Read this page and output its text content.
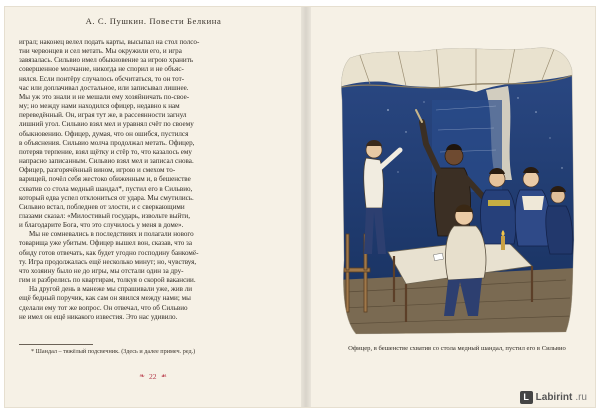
А. С. Пушкин. Повести Белкина
играл; наконец велел подать карты, высыпал на стол полсо-
тни червонцев и сел метать. Мы окружили его, и игра
завязалась. Сильвио имел обыкновение за игрою хранить
совершенное молчание, никогда не спорил и не объяс-
нялся. Если понтёру случалось обсчитаться, то он тот-
час или доплачивал достальное, или записывал лишнее.
Мы уж это знали и не мешали ему хозяйничать по-свое-
му; но между нами находился офицер, недавно к нам
переведённый. Он, играя тут же, в рассеянности загнул
лишний угол. Сильвио взял мел и уравнял счёт по своему
обыкновению. Офицер, думая, что он ошибся, пустился
в объяснения. Сильвио молча продолжал метать. Офицер,
потеряв терпение, взял щётку и стёр то, что казалось ему
напрасно записанным. Сильвио взял мел и записал снова.
Офицер, разгорячённый вином, игрою и смехом то-
варищей, почёл себя жестоко обиженным и, в бешенстве
схватив со стола медный шандал*, пустил его в Сильвио,
который едва успел отклониться от удара. Мы смутились.
Сильвио встал, побледнев от злости, и с сверкающими
глазами сказал: «Милостивый государь, извольте выйти,
и благодарите Бога, что это случилось у меня в доме».
Мы не сомневались в последствиях и полагали нового
товарища уже убитым. Офицер вышел вон, сказав, что за
обиду готов отвечать, как будет угодно господину банкомё-
ту. Игра продолжалась ещё несколько минут; но, чувствуя,
что хозяину было не до игры, мы отстали один за дру-
гим и разбрелись по квартирам, толкуя о скорой вакансии.
На другой день в манеже мы спрашивали уже, жив ли
ещё бедный поручик, как сам он явился между нами; мы
сделали ему тот же вопрос. Он отвечал, что об Сильвио
не имел он ещё никакого известия. Это нас удивило.
* Шандал – тяжёлый подсвечник. (Здесь и далее примеч. ред.)
❧ 22 ☙
Офицер, в бешенстве схватив со стола медный шандал, пустил его в Сильвио
L Labirint .ru
